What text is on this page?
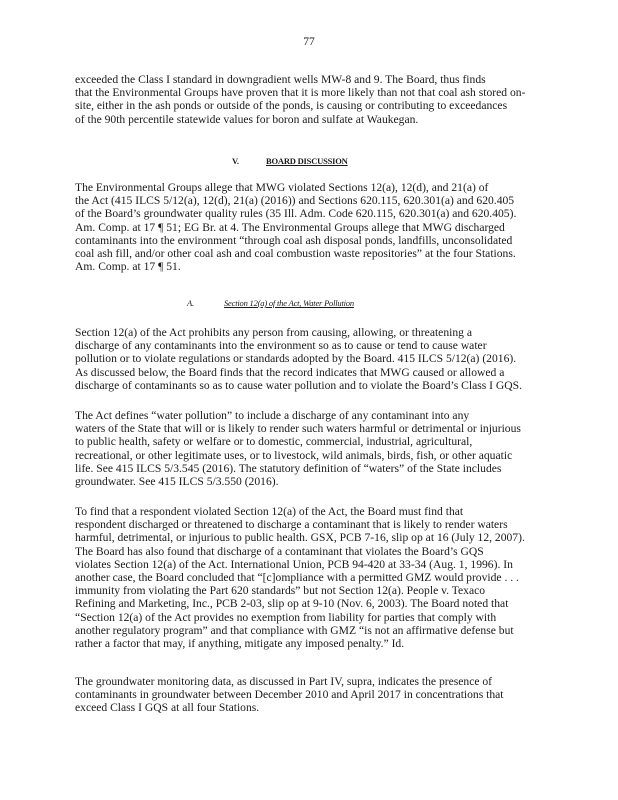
77
exceeded the Class I standard in downgradient wells MW-8 and 9. The Board, thus finds
that the Environmental Groups have proven that it is more likely than not that coal ash stored on-
site, either in the ash ponds or outside of the ponds, is causing or contributing to exceedances
of the 90th percentile statewide values for boron and sulfate at Waukegan.
V.	BOARD DISCUSSION
The Environmental Groups allege that MWG violated Sections 12(a), 12(d), and 21(a) of
the Act (415 ILCS 5/12(a), 12(d), 21(a) (2016)) and Sections 620.115, 620.301(a) and 620.405
of the Board’s groundwater quality rules (35 Ill. Adm. Code 620.115, 620.301(a) and 620.405).
Am. Comp. at 17 ¶ 51; EG Br. at 4. The Environmental Groups allege that MWG discharged
contaminants into the environment “through coal ash disposal ponds, landfills, unconsolidated
coal ash fill, and/or other coal ash and coal combustion waste repositories” at the four Stations.
Am. Comp. at 17 ¶ 51.
A.	Section 12(a) of the Act, Water Pollution
Section 12(a) of the Act prohibits any person from causing, allowing, or threatening a
discharge of any contaminants into the environment so as to cause or tend to cause water
pollution or to violate regulations or standards adopted by the Board. 415 ILCS 5/12(a) (2016).
As discussed below, the Board finds that the record indicates that MWG caused or allowed a
discharge of contaminants so as to cause water pollution and to violate the Board’s Class I GQS.
The Act defines “water pollution” to include a discharge of any contaminant into any
waters of the State that will or is likely to render such waters harmful or detrimental or injurious
to public health, safety or welfare or to domestic, commercial, industrial, agricultural,
recreational, or other legitimate uses, or to livestock, wild animals, birds, fish, or other aquatic
life. See 415 ILCS 5/3.545 (2016). The statutory definition of “waters” of the State includes
groundwater. See 415 ILCS 5/3.550 (2016).
To find that a respondent violated Section 12(a) of the Act, the Board must find that
respondent discharged or threatened to discharge a contaminant that is likely to render waters
harmful, detrimental, or injurious to public health. GSX, PCB 7-16, slip op at 16 (July 12, 2007).
The Board has also found that discharge of a contaminant that violates the Board’s GQS
violates Section 12(a) of the Act. International Union, PCB 94-420 at 33-34 (Aug. 1, 1996). In
another case, the Board concluded that “[c]ompliance with a permitted GMZ would provide . . .
immunity from violating the Part 620 standards” but not Section 12(a). People v. Texaco
Refining and Marketing, Inc., PCB 2-03, slip op at 9-10 (Nov. 6, 2003). The Board noted that
“Section 12(a) of the Act provides no exemption from liability for parties that comply with
another regulatory program” and that compliance with GMZ “is not an affirmative defense but
rather a factor that may, if anything, mitigate any imposed penalty.” Id.
The groundwater monitoring data, as discussed in Part IV, supra, indicates the presence of
contaminants in groundwater between December 2010 and April 2017 in concentrations that
exceed Class I GQS at all four Stations.
